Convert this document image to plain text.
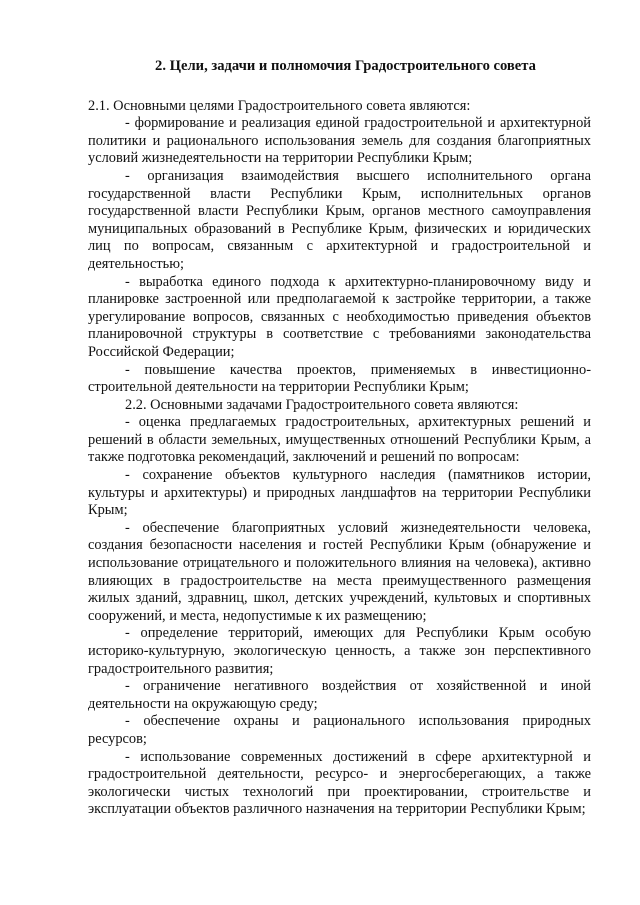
2. Цели, задачи и полномочия Градостроительного совета

2.1. Основными целями Градостроительного совета являются:

- формирование и реализация единой градостроительной и архитектурной политики и рационального использования земель для создания благоприятных условий жизнедеятельности на территории Республики Крым;

- организация взаимодействия высшего исполнительного органа государственной власти Республики Крым, исполнительных органов государственной власти Республики Крым, органов местного самоуправления муниципальных образований в Республике Крым, физических и юридических лиц по вопросам, связанным с архитектурной и градостроительной и деятельностью;

- выработка единого подхода к архитектурно-планировочному виду и планировке застроенной или предполагаемой к застройке территории, а также урегулирование вопросов, связанных с необходимостью приведения объектов планировочной структуры в соответствие с требованиями законодательства Российской Федерации;

- повышение качества проектов, применяемых в инвестиционно-строительной деятельности на территории Республики Крым;

2.2. Основными задачами Градостроительного совета являются:

- оценка предлагаемых градостроительных, архитектурных решений и решений в области земельных, имущественных отношений Республики Крым, а также подготовка рекомендаций, заключений и решений по вопросам:

- сохранение объектов культурного наследия (памятников истории, культуры и архитектуры) и природных ландшафтов на территории Республики Крым;

- обеспечение благоприятных условий жизнедеятельности человека, создания безопасности населения и гостей Республики Крым (обнаружение и использование отрицательного и положительного влияния на человека), активно влияющих в градостроительстве на места преимущественного размещения жилых зданий, здравниц, школ, детских учреждений, культовых и спортивных сооружений, и места, недопустимые к их размещению;

- определение территорий, имеющих для Республики Крым особую историко-культурную, экологическую ценность, а также зон перспективного градостроительного развития;

- ограничение негативного воздействия от хозяйственной и иной деятельности на окружающую среду;

- обеспечение охраны и рационального использования природных ресурсов;

- использование современных достижений в сфере архитектурной и градостроительной деятельности, ресурсо- и энергосберегающих, а также экологически чистых технологий при проектировании, строительстве и эксплуатации объектов различного назначения на территории Республики Крым;
